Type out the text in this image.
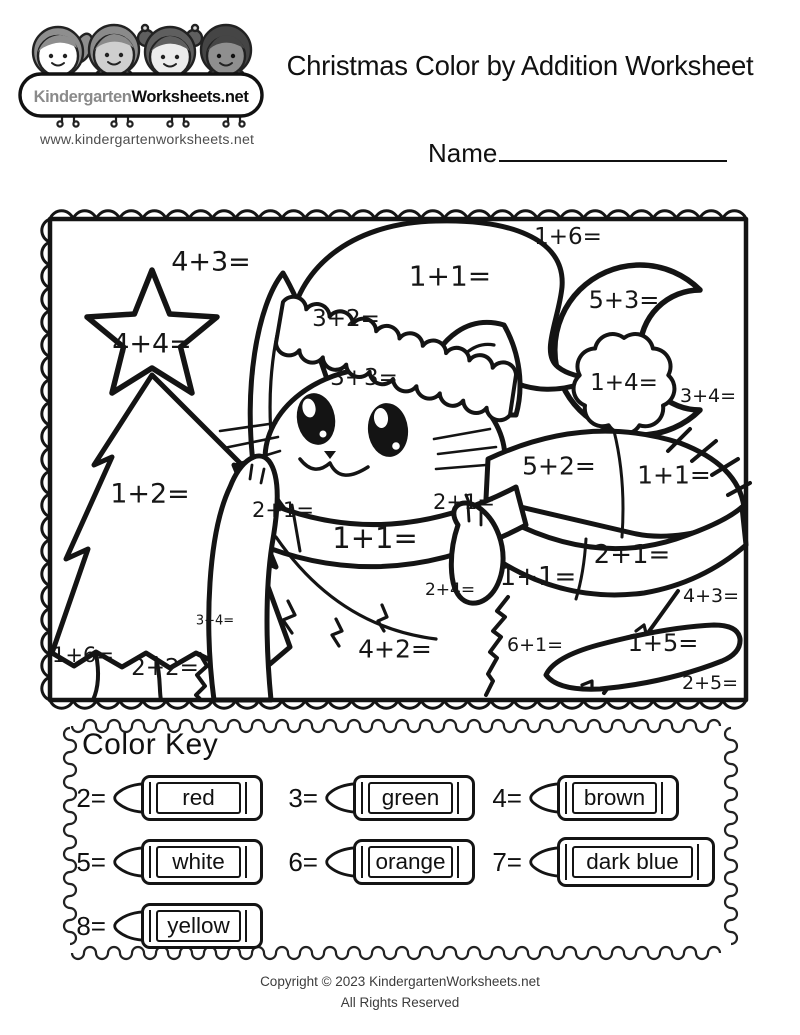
KindergartenWorksheets.net
www.kindergartenworksheets.net
Christmas Color by Addition Worksheet
Name
4+3=
1+6=
1+1=
5+3=
3+2=
4+4=
3+3=	1+4= 3+4=
5+2= 1+1=
1+2=	2+1=
2+1=
1+1=	2+1=
1+1=
2+4=	4+3=
3+4=
1+5=
6+1=
4+2=
1+6= 2+2=
2+5=
Color Key
2=	red	3=	green	4=	brown
5=	white	6=	orange 7=	dark blue
8=	yellow
Copyright © 2023 KindergartenWorksheets.net
All Rights Reserved
